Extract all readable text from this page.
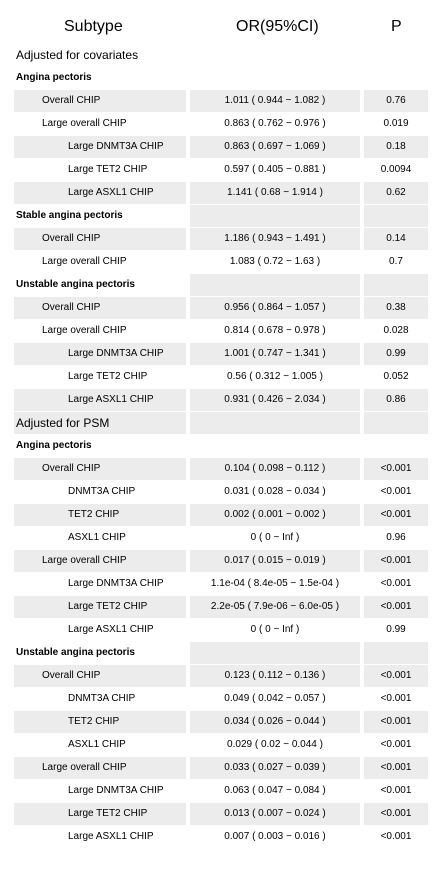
Subtype	OR(95%CI)	P
Adjusted for covariates
Angina pectoris
Overall CHIP	1.011 ( 0.944 − 1.082 )	0.76
Large overall CHIP	0.863 ( 0.762 − 0.976 )	0.019
Large DNMT3A CHIP	0.863 ( 0.697 − 1.069 )	0.18
Large TET2 CHIP	0.597 ( 0.405 − 0.881 )	0.0094
Large ASXL1 CHIP	1.141 ( 0.68 − 1.914 )	0.62
Stable angina pectoris
Overall CHIP	1.186 ( 0.943 − 1.491 )	0.14
Large overall CHIP	1.083 ( 0.72 − 1.63 )	0.7
Unstable angina pectoris
Overall CHIP	0.956 ( 0.864 − 1.057 )	0.38
Large overall CHIP	0.814 ( 0.678 − 0.978 )	0.028
Large DNMT3A CHIP	1.001 ( 0.747 − 1.341 )	0.99
Large TET2 CHIP	0.56 ( 0.312 − 1.005 )	0.052
Large ASXL1 CHIP	0.931 ( 0.426 − 2.034 )	0.86
Adjusted for PSM
Angina pectoris
Overall CHIP	0.104 ( 0.098 − 0.112 )	<0.001
DNMT3A CHIP	0.031 ( 0.028 − 0.034 )	<0.001
TET2 CHIP	0.002 ( 0.001 − 0.002 )	<0.001
ASXL1 CHIP	0 ( 0 − Inf )	0.96
Large overall CHIP	0.017 ( 0.015 − 0.019 )	<0.001
Large DNMT3A CHIP	1.1e-04 ( 8.4e-05 − 1.5e-04 )	<0.001
Large TET2 CHIP	2.2e-05 ( 7.9e-06 − 6.0e-05 )	<0.001
Large ASXL1 CHIP	0 ( 0 − Inf )	0.99
Unstable angina pectoris
Overall CHIP	0.123 ( 0.112 − 0.136 )	<0.001
DNMT3A CHIP	0.049 ( 0.042 − 0.057 )	<0.001
TET2 CHIP	0.034 ( 0.026 − 0.044 )	<0.001
ASXL1 CHIP	0.029 ( 0.02 − 0.044 )	<0.001
Large overall CHIP	0.033 ( 0.027 − 0.039 )	<0.001
Large DNMT3A CHIP	0.063 ( 0.047 − 0.084 )	<0.001
Large TET2 CHIP	0.013 ( 0.007 − 0.024 )	<0.001
Large ASXL1 CHIP	0.007 ( 0.003 − 0.016 )	<0.001
